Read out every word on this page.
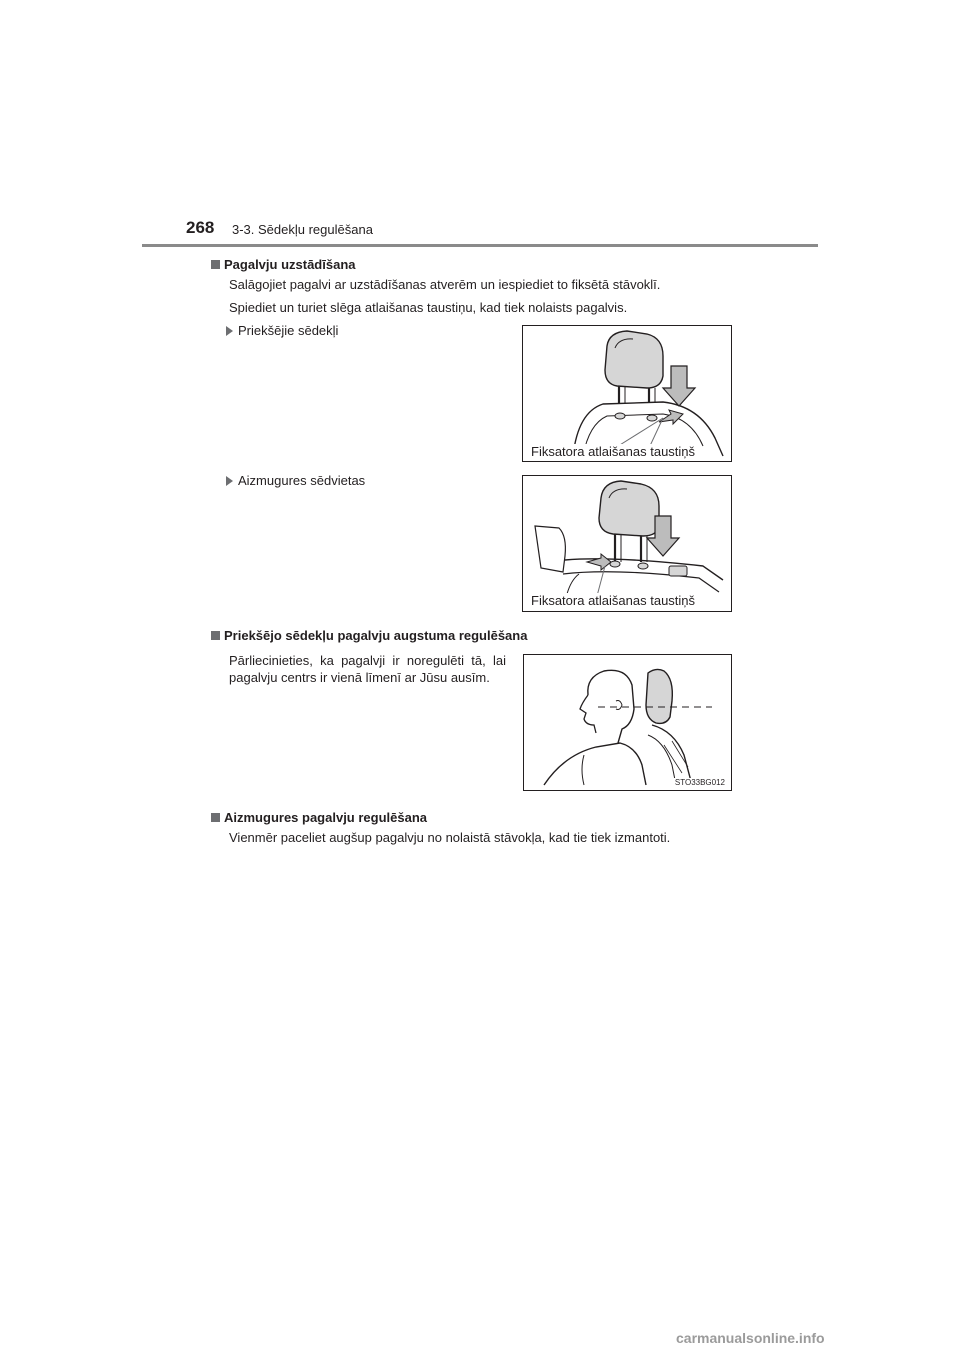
268 3-3. Sēdekļu regulēšana
Pagalvju uzstādīšana
Salāgojiet pagalvi ar uzstādīšanas atverēm un iespiediet to fiksētā stāvoklī.
Spiediet un turiet slēga atlaišanas taustiņu, kad tiek nolaists pagalvis.
Priekšējie sēdekļi
Fiksatora atlaišanas taustiņš
Aizmugures sēdvietas
Fiksatora atlaišanas taustiņš
Priekšējo sēdekļu pagalvju augstuma regulēšana
Pārliecinieties, ka pagalvji ir noregulēti tā, lai pagalvju centrs ir vienā līmenī ar Jūsu ausīm.
STO33BG012
Aizmugures pagalvju regulēšana
Vienmēr paceliet augšup pagalvju no nolaistā stāvokļa, kad tie tiek izmantoti.
carmanualsonline.info
